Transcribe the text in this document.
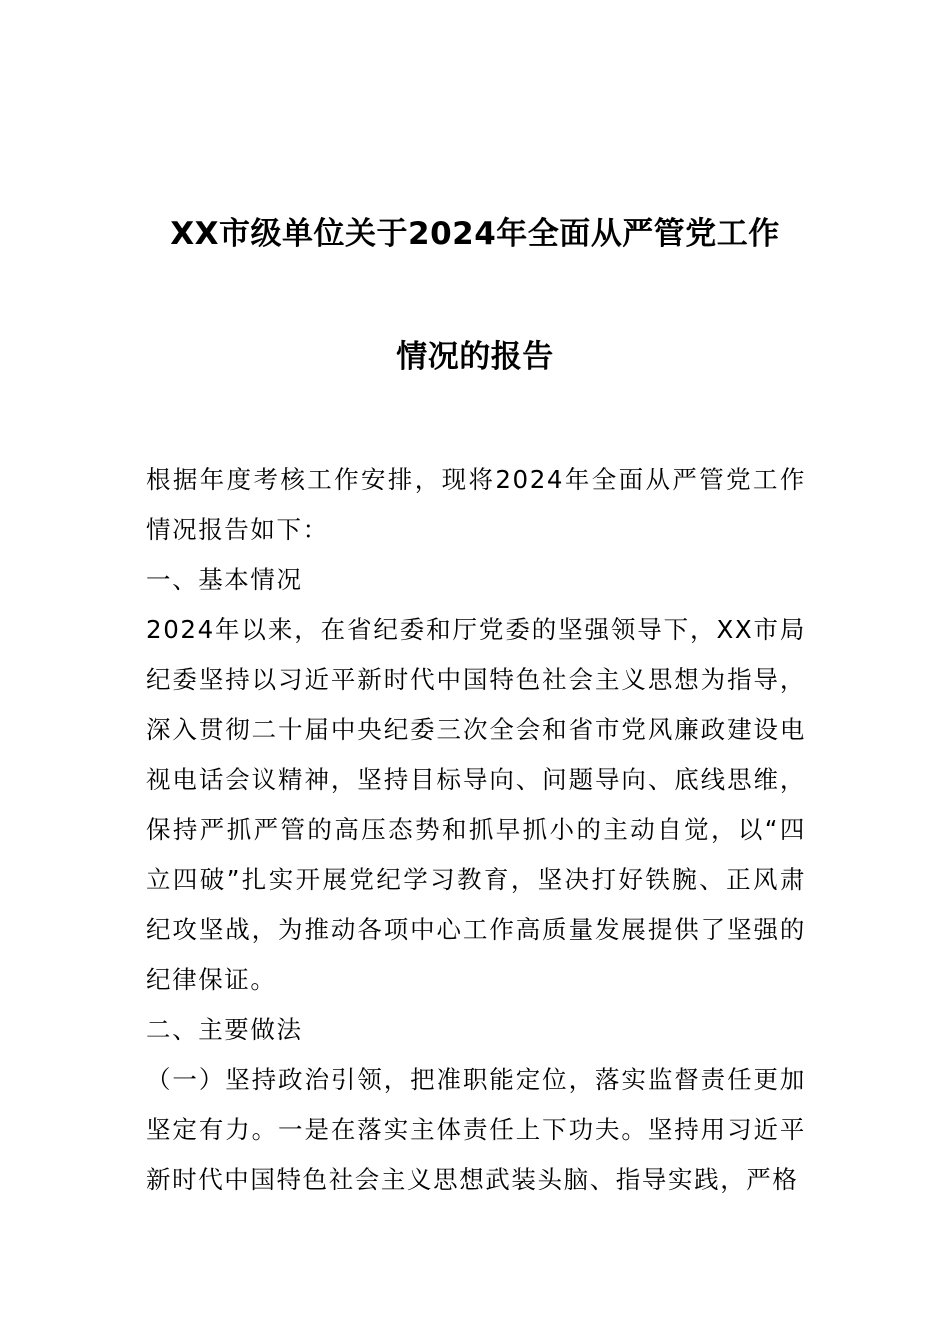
XX市级单位关于2024年全面从严管党工作
情况的报告

根据年度考核工作安排，现将2024年全面从严管党工作情况报告如下：

一、基本情况

2024年以来，在省纪委和厅党委的坚强领导下，XX市局纪委坚持以习近平新时代中国特色社会主义思想为指导，深入贯彻二十届中央纪委三次全会和省市党风廉政建设电视电话会议精神，坚持目标导向、问题导向、底线思维，保持严抓严管的高压态势和抓早抓小的主动自觉，以“四立四破”扎实开展党纪学习教育，坚决打好铁腕、正风肃纪攻坚战，为推动各项中心工作高质量发展提供了坚强的纪律保证。

二、主要做法

（一）坚持政治引领，把准职能定位，落实监督责任更加坚定有力。一是在落实主体责任上下功夫。坚持用习近平新时代中国特色社会主义思想武装头脑、指导实践，严格
